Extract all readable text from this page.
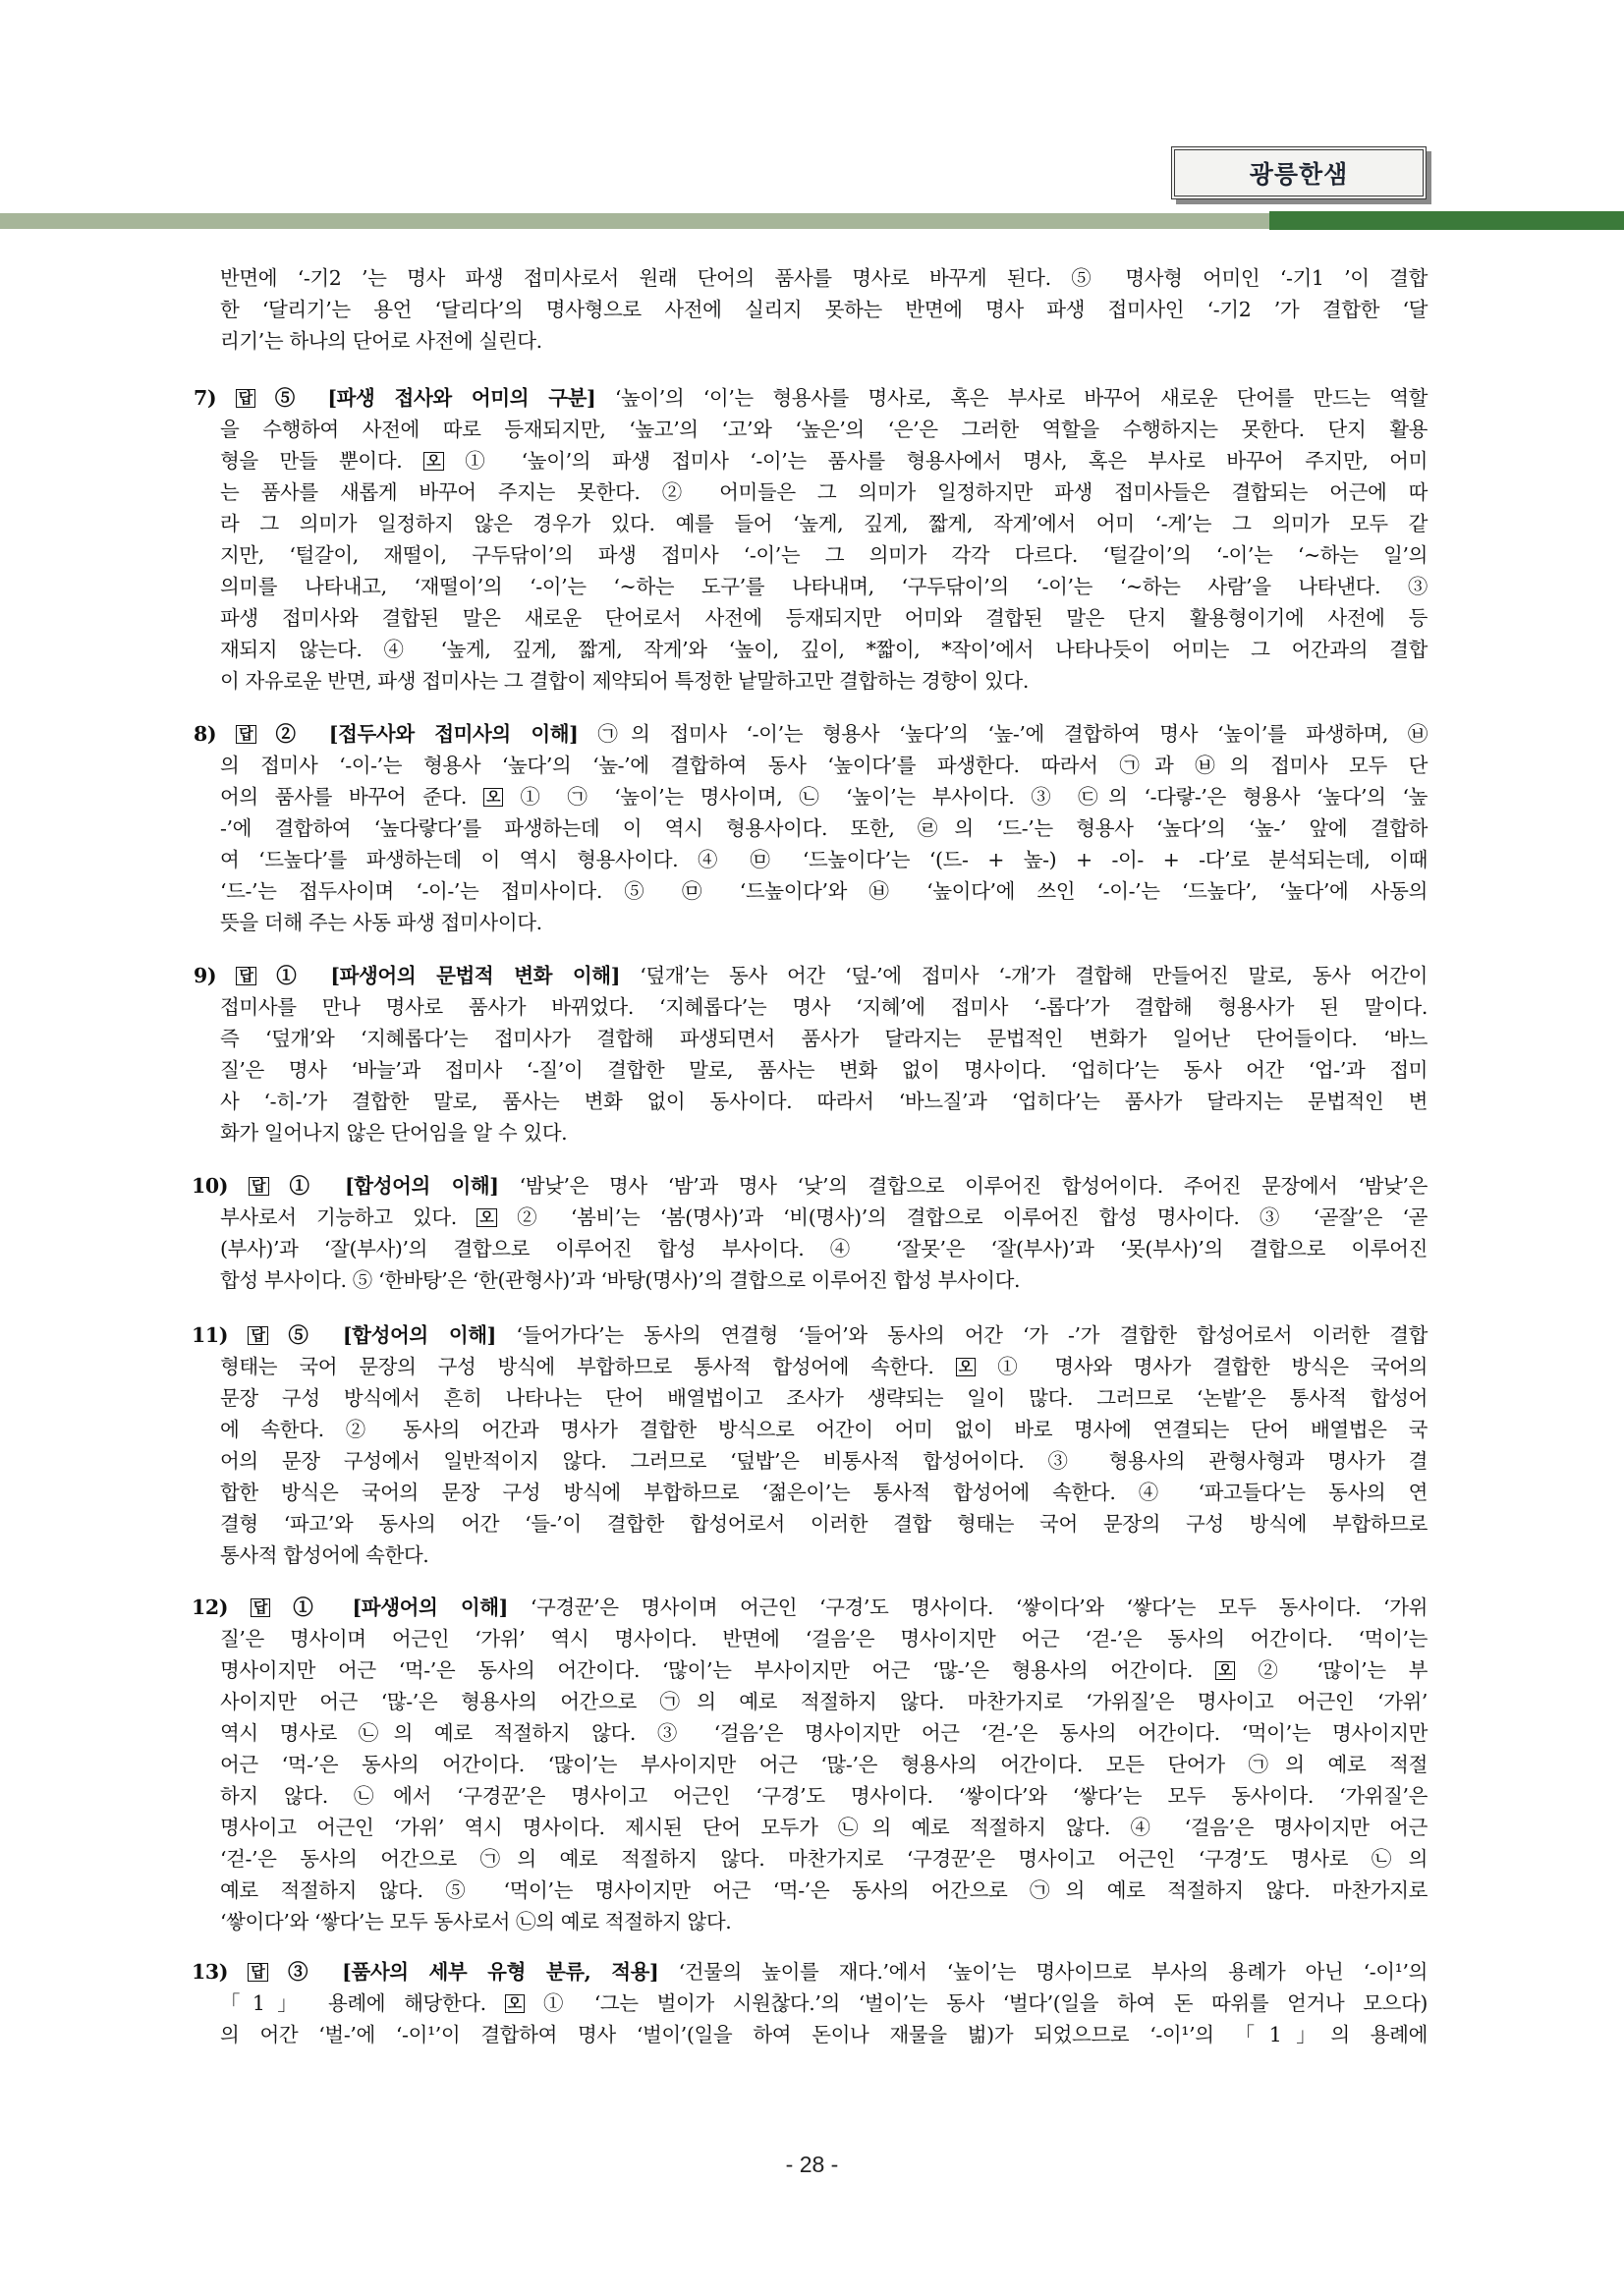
광릉한샘
반면에 ‘-기2 ’는 명사 파생 접미사로서 원래 단어의 품사를 명사로 바꾸게 된다. ⑤ 명사형 어미인 ‘-기1 ’이 결합
한 ‘달리기’는 용언 ‘달리다’의 명사형으로 사전에 실리지 못하는 반면에 명사 파생 접미사인 ‘-기2 ’가 결합한 ‘달
리기’는 하나의 단어로 사전에 실린다.
7) 답 ⑤ [파생 접사와 어미의 구분] ‘높이’의 ‘이’는 형용사를 명사로, 혹은 부사로 바꾸어 새로운 단어를 만드는 역할
을 수행하여 사전에 따로 등재되지만, ‘높고’의 ‘고’와 ‘높은’의 ‘은’은 그러한 역할을 수행하지는 못한다. 단지 활용
형을 만들 뿐이다. 오 ① ‘높이’의 파생 접미사 ‘-이’는 품사를 형용사에서 명사, 혹은 부사로 바꾸어 주지만, 어미
는 품사를 새롭게 바꾸어 주지는 못한다. ② 어미들은 그 의미가 일정하지만 파생 접미사들은 결합되는 어근에 따
라 그 의미가 일정하지 않은 경우가 있다. 예를 들어 ‘높게, 깊게, 짧게, 작게’에서 어미 ‘-게’는 그 의미가 모두 같
지만, ‘털갈이, 재떨이, 구두닦이’의 파생 접미사 ‘-이’는 그 의미가 각각 다르다. ‘털갈이’의 ‘-이’는 ‘~하는 일’의
의미를 나타내고, ‘재떨이’의 ‘-이’는 ‘~하는 도구’를 나타내며, ‘구두닦이’의 ‘-이’는 ‘~하는 사람’을 나타낸다. ③
파생 접미사와 결합된 말은 새로운 단어로서 사전에 등재되지만 어미와 결합된 말은 단지 활용형이기에 사전에 등
재되지 않는다. ④ ‘높게, 깊게, 짧게, 작게’와 ‘높이, 깊이, *짧이, *작이’에서 나타나듯이 어미는 그 어간과의 결합
이 자유로운 반면, 파생 접미사는 그 결합이 제약되어 특정한 낱말하고만 결합하는 경향이 있다.
8) 답 ② [접두사와 접미사의 이해] ㉠의 접미사 ‘-이’는 형용사 ‘높다’의 ‘높-’에 결합하여 명사 ‘높이’를 파생하며, ㉥
의 접미사 ‘-이-’는 형용사 ‘높다’의 ‘높-’에 결합하여 동사 ‘높이다’를 파생한다. 따라서 ㉠과 ㉥의 접미사 모두 단
어의 품사를 바꾸어 준다. 오 ① ㉠ ‘높이’는 명사이며, ㉡ ‘높이’는 부사이다. ③ ㉢의 ‘-다랗-’은 형용사 ‘높다’의 ‘높
-’에 결합하여 ‘높다랗다’를 파생하는데 이 역시 형용사이다. 또한, ㉣의 ‘드-’는 형용사 ‘높다’의 ‘높-’ 앞에 결합하
여 ‘드높다’를 파생하는데 이 역시 형용사이다. ④ ㉤ ‘드높이다’는 ‘(드- + 높-) + -이- + -다’로 분석되는데, 이때
‘드-’는 접두사이며 ‘-이-’는 접미사이다. ⑤ ㉤ ‘드높이다’와 ㉥ ‘높이다’에 쓰인 ‘-이-’는 ‘드높다’, ‘높다’에 사동의
뜻을 더해 주는 사동 파생 접미사이다.
9) 답 ① [파생어의 문법적 변화 이해] ‘덮개’는 동사 어간 ‘덮-’에 접미사 ‘-개’가 결합해 만들어진 말로, 동사 어간이
접미사를 만나 명사로 품사가 바뀌었다. ‘지혜롭다’는 명사 ‘지혜’에 접미사 ‘-롭다’가 결합해 형용사가 된 말이다.
즉 ‘덮개’와 ‘지혜롭다’는 접미사가 결합해 파생되면서 품사가 달라지는 문법적인 변화가 일어난 단어들이다. ‘바느
질’은 명사 ‘바늘’과 접미사 ‘-질’이 결합한 말로, 품사는 변화 없이 명사이다. ‘업히다’는 동사 어간 ‘업-’과 접미
사 ‘-히-’가 결합한 말로, 품사는 변화 없이 동사이다. 따라서 ‘바느질’과 ‘업히다’는 품사가 달라지는 문법적인 변
화가 일어나지 않은 단어임을 알 수 있다.
10) 답 ① [합성어의 이해] ‘밤낮’은 명사 ‘밤’과 명사 ‘낮’의 결합으로 이루어진 합성어이다. 주어진 문장에서 ‘밤낮’은
부사로서 기능하고 있다. 오 ② ‘봄비’는 ‘봄(명사)’과 ‘비(명사)’의 결합으로 이루어진 합성 명사이다. ③ ‘곧잘’은 ‘곧
(부사)’과 ‘잘(부사)’의 결합으로 이루어진 합성 부사이다. ④ ‘잘못’은 ‘잘(부사)’과 ‘못(부사)’의 결합으로 이루어진
합성 부사이다. ⑤ ‘한바탕’은 ‘한(관형사)’과 ‘바탕(명사)’의 결합으로 이루어진 합성 부사이다.
11) 답 ⑤ [합성어의 이해] ‘들어가다’는 동사의 연결형 ‘들어’와 동사의 어간 ‘가 -’가 결합한 합성어로서 이러한 결합
형태는 국어 문장의 구성 방식에 부합하므로 통사적 합성어에 속한다. 오 ① 명사와 명사가 결합한 방식은 국어의
문장 구성 방식에서 흔히 나타나는 단어 배열법이고 조사가 생략되는 일이 많다. 그러므로 ‘논밭’은 통사적 합성어
에 속한다. ② 동사의 어간과 명사가 결합한 방식으로 어간이 어미 없이 바로 명사에 연결되는 단어 배열법은 국
어의 문장 구성에서 일반적이지 않다. 그러므로 ‘덮밥’은 비통사적 합성어이다. ③ 형용사의 관형사형과 명사가 결
합한 방식은 국어의 문장 구성 방식에 부합하므로 ‘젊은이’는 통사적 합성어에 속한다. ④ ‘파고들다’는 동사의 연
결형 ‘파고’와 동사의 어간 ‘들-’이 결합한 합성어로서 이러한 결합 형태는 국어 문장의 구성 방식에 부합하므로
통사적 합성어에 속한다.
12) 답 ① [파생어의 이해] ‘구경꾼’은 명사이며 어근인 ‘구경’도 명사이다. ‘쌓이다’와 ‘쌓다’는 모두 동사이다. ‘가위
질’은 명사이며 어근인 ‘가위’ 역시 명사이다. 반면에 ‘걸음’은 명사이지만 어근 ‘걷-’은 동사의 어간이다. ‘먹이’는
명사이지만 어근 ‘먹-’은 동사의 어간이다. ‘많이’는 부사이지만 어근 ‘많-’은 형용사의 어간이다. 오 ② ‘많이’는 부
사이지만 어근 ‘많-’은 형용사의 어간으로 ㉠의 예로 적절하지 않다. 마찬가지로 ‘가위질’은 명사이고 어근인 ‘가위’
역시 명사로 ㉡의 예로 적절하지 않다. ③ ‘걸음’은 명사이지만 어근 ‘걷-’은 동사의 어간이다. ‘먹이’는 명사이지만
어근 ‘먹-’은 동사의 어간이다. ‘많이’는 부사이지만 어근 ‘많-’은 형용사의 어간이다. 모든 단어가 ㉠의 예로 적절
하지 않다. ㉡에서 ‘구경꾼’은 명사이고 어근인 ‘구경’도 명사이다. ‘쌓이다’와 ‘쌓다’는 모두 동사이다. ‘가위질’은
명사이고 어근인 ‘가위’ 역시 명사이다. 제시된 단어 모두가 ㉡의 예로 적절하지 않다. ④ ‘걸음’은 명사이지만 어근
‘걷-’은 동사의 어간으로 ㉠의 예로 적절하지 않다. 마찬가지로 ‘구경꾼’은 명사이고 어근인 ‘구경’도 명사로 ㉡의
예로 적절하지 않다. ⑤ ‘먹이’는 명사이지만 어근 ‘먹-’은 동사의 어간으로 ㉠의 예로 적절하지 않다. 마찬가지로
‘쌓이다’와 ‘쌓다’는 모두 동사로서 ㉡의 예로 적절하지 않다.
13) 답 ③ [품사의 세부 유형 분류, 적용] ‘건물의 높이를 재다.’에서 ‘높이’는 명사이므로 부사의 용례가 아닌 ‘-이¹’의
「1」 용례에 해당한다. 오 ① ‘그는 벌이가 시원찮다.’의 ‘벌이’는 동사 ‘벌다’(일을 하여 돈 따위를 얻거나 모으다)
의 어간 ‘벌-’에 ‘-이¹’이 결합하여 명사 ‘벌이’(일을 하여 돈이나 재물을 벎)가 되었으므로 ‘-이¹’의 「1」의 용례에
- 28 -
